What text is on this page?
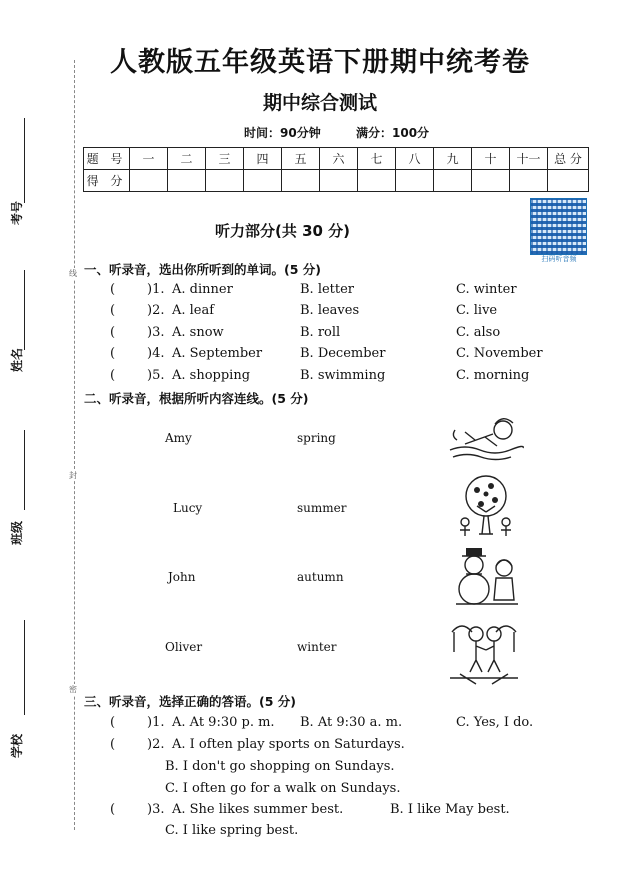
考号
姓名
班级
学校
线
封
密
人教版五年级英语下册期中统考卷
期中综合测试
时间：90分钟	满分：100分
题 号	一	二	三	四	五	六	七	八	九	十	十一	总 分
得 分												
扫码听音频
听力部分(共 30 分)
一、听录音，选出你所听到的单词。(5 分)
( )1. A. dinner	B. letter	C. winter
( )2. A. leaf	B. leaves	C. live
( )3. A. snow	B. roll	C. also
( )4. A. September	B. December	C. November
( )5. A. shopping	B. swimming	C. morning
二、听录音，根据所听内容连线。(5 分)
Amy
Lucy
John
Oliver
spring
summer
autumn
winter
三、听录音，选择正确的答语。(5 分)
( )1. A. At 9:30 p. m. B. At 9:30 a. m.	C. Yes, I do.
( )2. A. I often play sports on Saturdays.
B. I don't go shopping on Sundays.
C. I often go for a walk on Sundays.
( )3. A. She likes summer best.	B. I like May best.
C. I like spring best.
